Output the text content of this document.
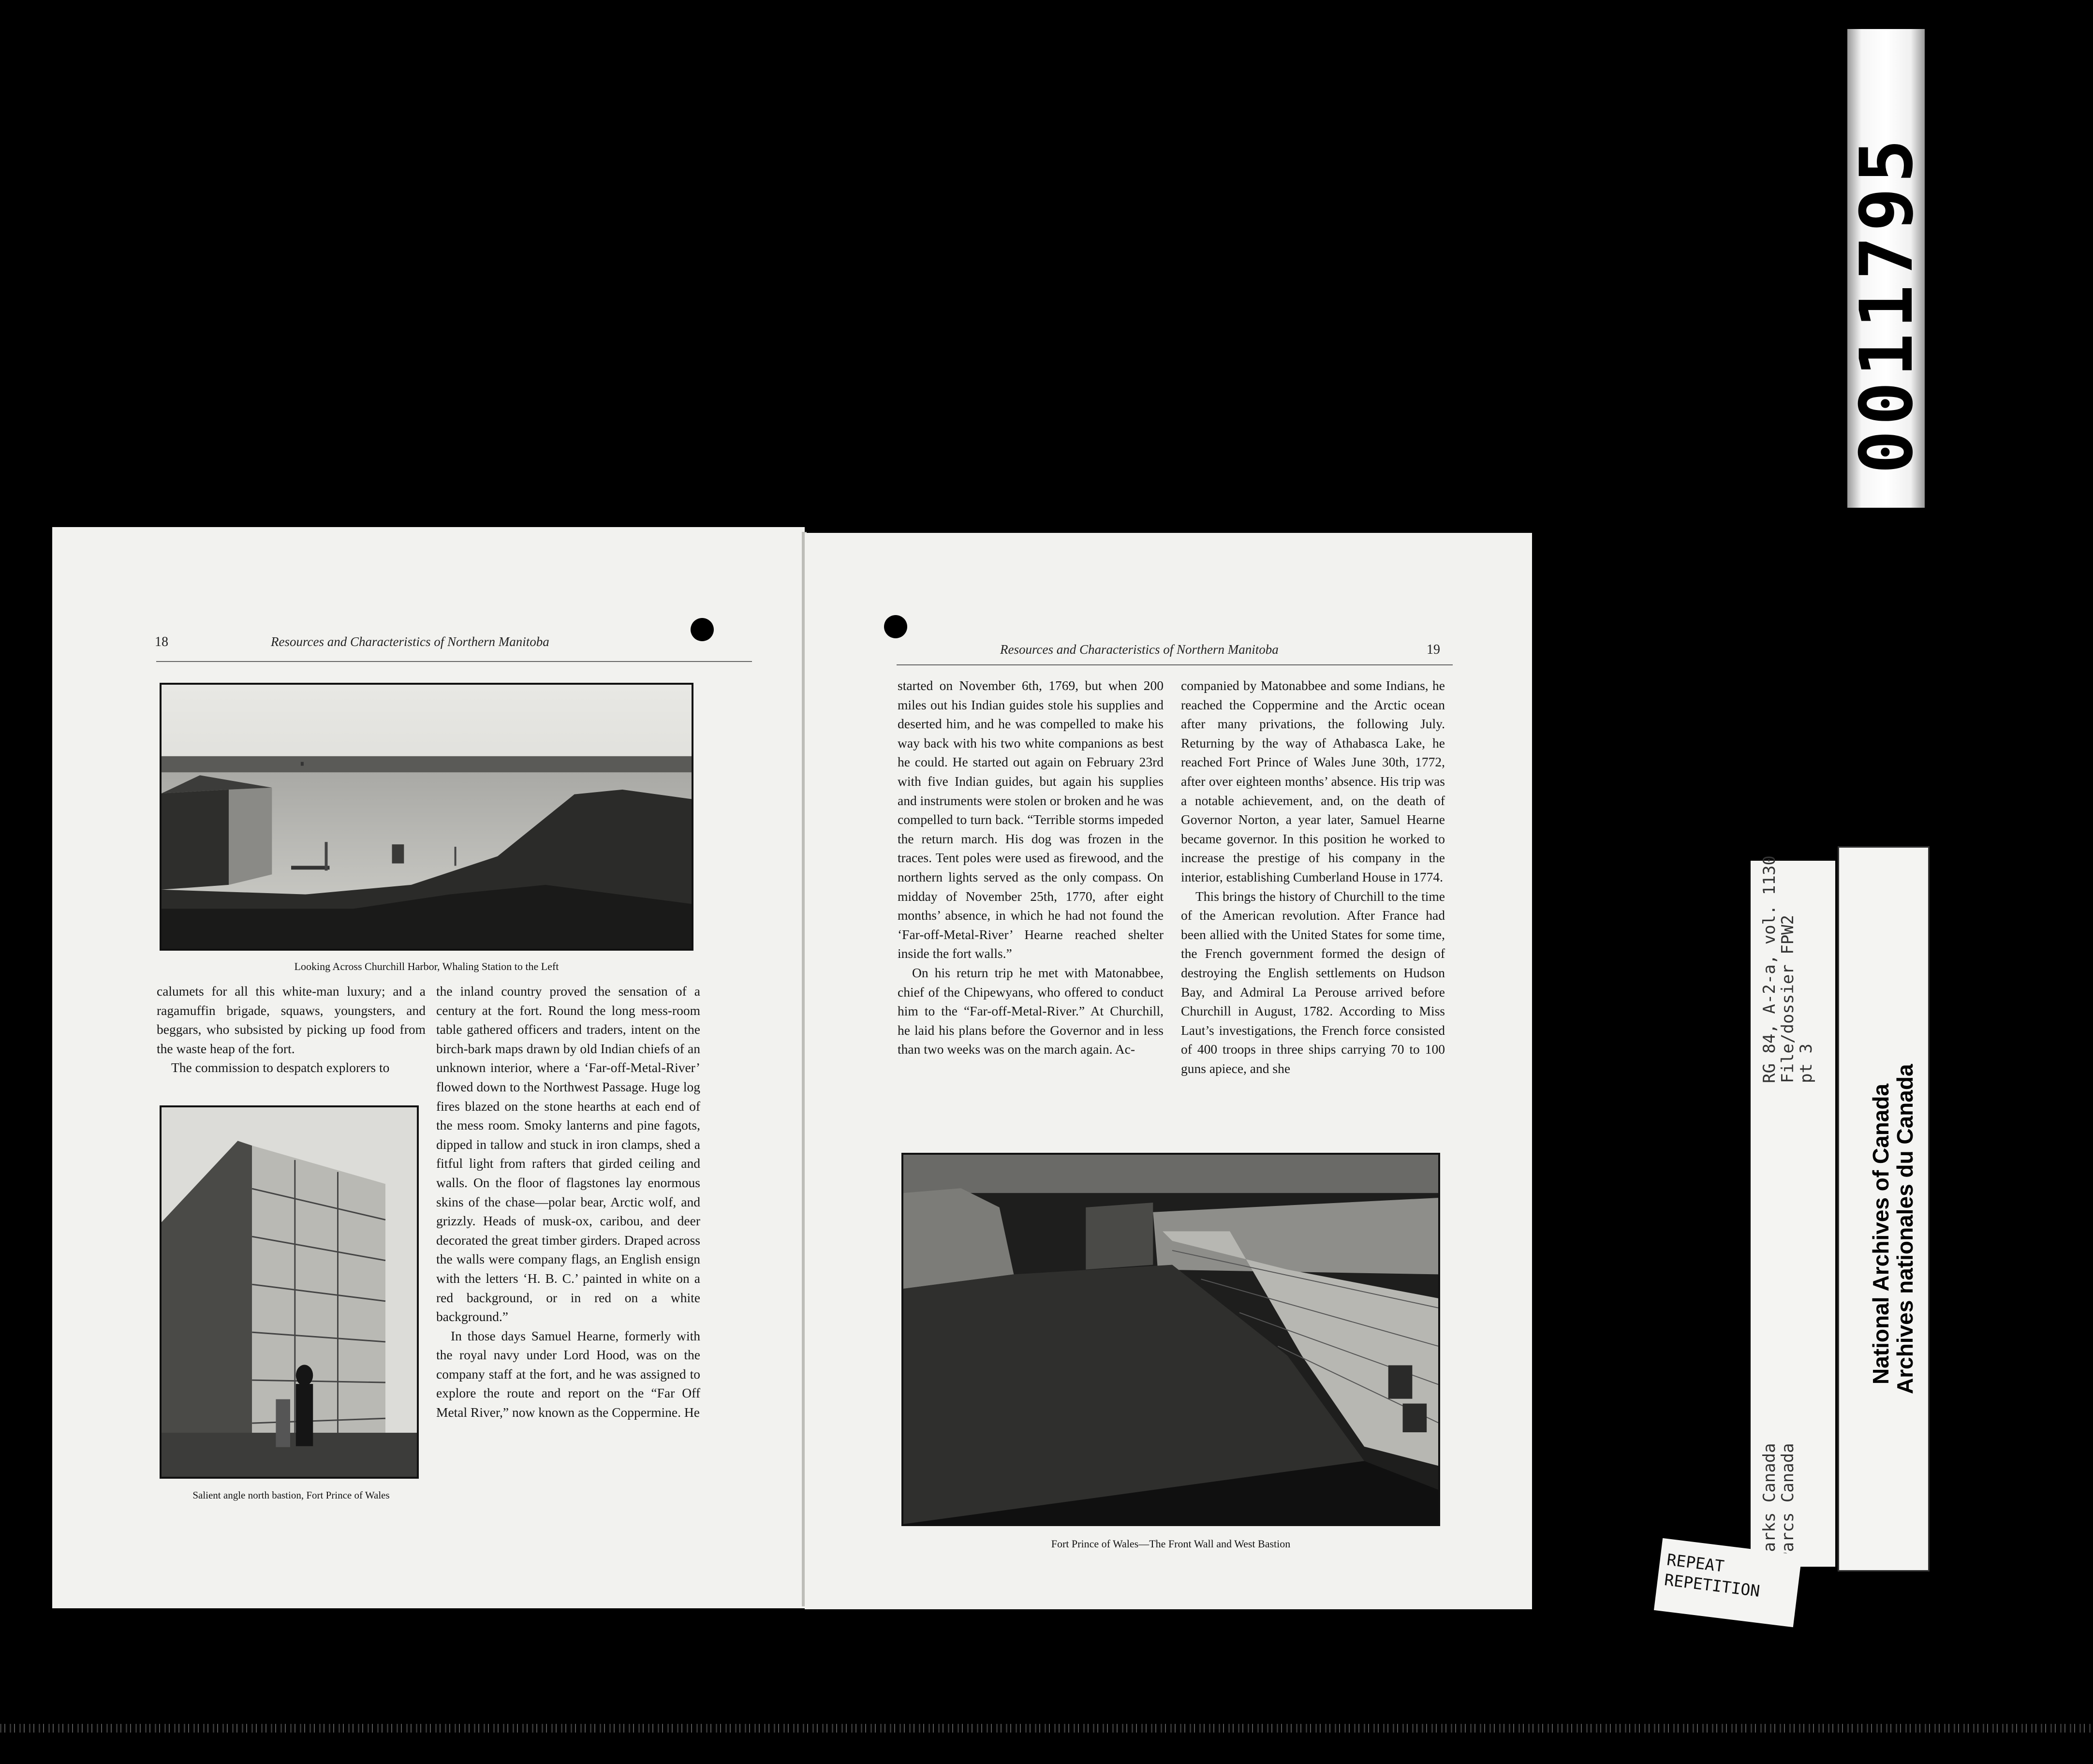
18	Resources and Characteristics of Northern Manitoba
Looking Across Churchill Harbor, Whaling Station to the Left

calumets for all this white-man luxury; and a ragamuffin brigade, squaws, youngsters, and beggars, who subsisted by picking up food from the waste heap of the fort.

The commission to despatch explorers to

Salient angle north bastion, Fort Prince of Wales

the inland country proved the sensation of a century at the fort. Round the long mess-room table gathered officers and traders, intent on the birch-bark maps drawn by old Indian chiefs of an unknown interior, where a ‘Far-off-Metal-River’ flowed down to the Northwest Passage. Huge log fires blazed on the stone hearths at each end of the mess room. Smoky lanterns and pine fagots, dipped in tallow and stuck in iron clamps, shed a fitful light from rafters that girded ceiling and walls. On the floor of flagstones lay enormous skins of the chase—polar bear, Arctic wolf, and grizzly. Heads of musk-ox, caribou, and deer decorated the great timber girders. Draped across the walls were company flags, an English ensign with the letters ‘H. B. C.’ painted in white on a red background, or in red on a white background.”

In those days Samuel Hearne, formerly with the royal navy under Lord Hood, was on the company staff at the fort, and he was assigned to explore the route and report on the “Far Off Metal River,” now known as the Coppermine. He

Resources and Characteristics of Northern Manitoba	19

started on November 6th, 1769, but when 200 miles out his Indian guides stole his supplies and deserted him, and he was compelled to make his way back with his two white companions as best he could. He started out again on February 23rd with five Indian guides, but again his supplies and instruments were stolen or broken and he was compelled to turn back. “Terrible storms impeded the return march. His dog was frozen in the traces. Tent poles were used as firewood, and the northern lights served as the only compass. On midday of November 25th, 1770, after eight months’ absence, in which he had not found the ‘Far-off-Metal-River’ Hearne reached shelter inside the fort walls.”

On his return trip he met with Matonabbee, chief of the Chipewyans, who offered to conduct him to the “Far-off-Metal-River.” At Churchill, he laid his plans before the Governor and in less than two weeks was on the march again. Ac-

companied by Matonabbee and some Indians, he reached the Coppermine and the Arctic ocean after many privations, the following July. Returning by the way of Athabasca Lake, he reached Fort Prince of Wales June 30th, 1772, after over eighteen months’ absence. His trip was a notable achievement, and, on the death of Governor Norton, a year later, Samuel Hearne became governor. In this position he worked to increase the prestige of his company in the interior, establishing Cumberland House in 1774.

This brings the history of Churchill to the time of the American revolution. After France had been allied with the United States for some time, the French government formed the design of destroying the English settlements on Hudson Bay, and Admiral La Perouse arrived before Churchill in August, 1782. According to Miss Laut’s investigations, the French force consisted of 400 troops in three ships carrying 70 to 100 guns apiece, and she

Fort Prince of Wales—The Front Wall and West Bastion
0011795
RG 84, A-2-a, vol. 1130
File/dossier FPW2
pt 3
Parks Canada
Parcs Canada
National Archives of Canada
Archives nationales du Canada
REPEAT
REPETITION
